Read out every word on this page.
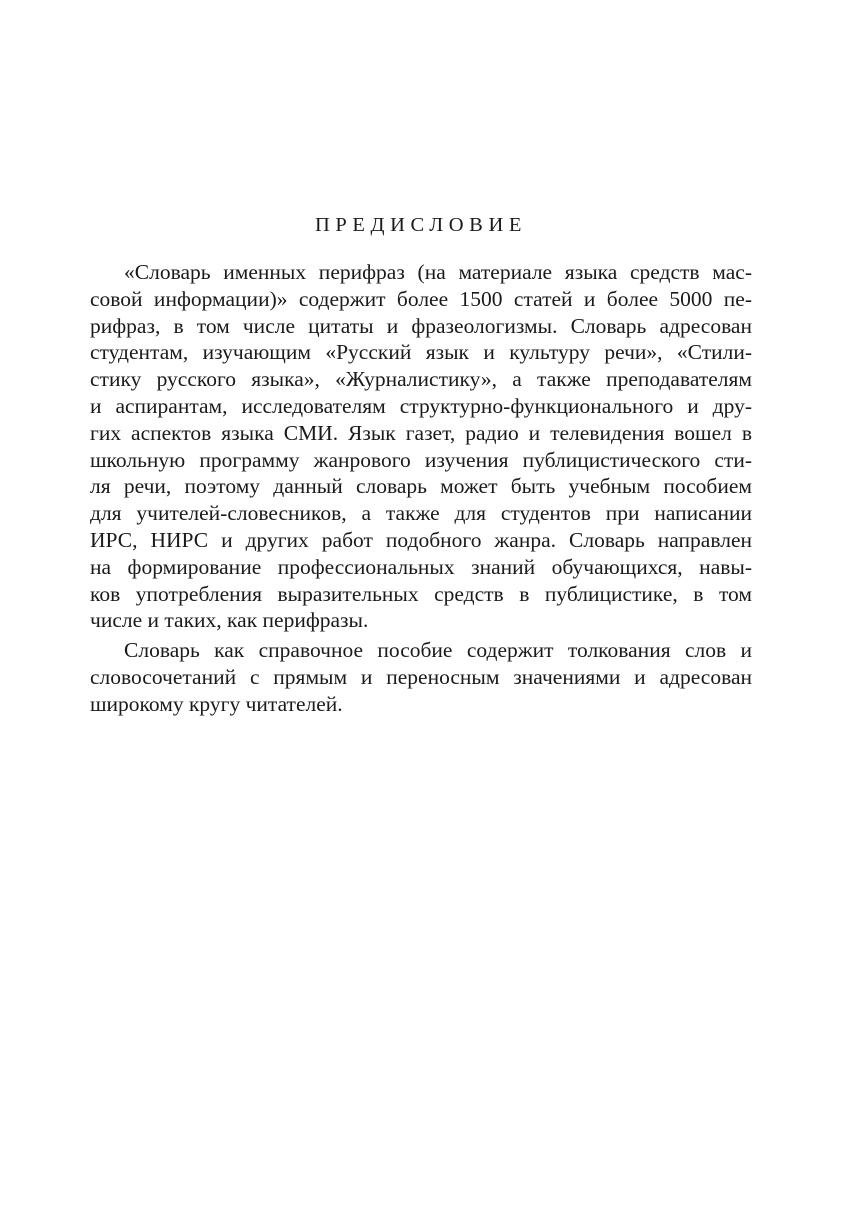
ПРЕДИСЛОВИЕ
«Словарь именных перифраз (на материале языка средств мас-
совой информации)» содержит более 1500 статей и более 5000 пе-
рифраз, в том числе цитаты и фразеологизмы. Словарь адресован
студентам, изучающим «Русский язык и культуру речи», «Стили-
стику русского языка», «Журналистику», а также преподавателям
и аспирантам, исследователям структурно-функционального и дру-
гих аспектов языка СМИ. Язык газет, радио и телевидения вошел в
школьную программу жанрового изучения публицистического сти-
ля речи, поэтому данный словарь может быть учебным пособием
для учителей-словесников, а также для студентов при написании
ИРС, НИРС и других работ подобного жанра. Словарь направлен
на формирование профессиональных знаний обучающихся, навы-
ков употребления выразительных средств в публицистике, в том
числе и таких, как перифразы.
Словарь как справочное пособие содержит толкования слов и
словосочетаний с прямым и переносным значениями и адресован
широкому кругу читателей.
